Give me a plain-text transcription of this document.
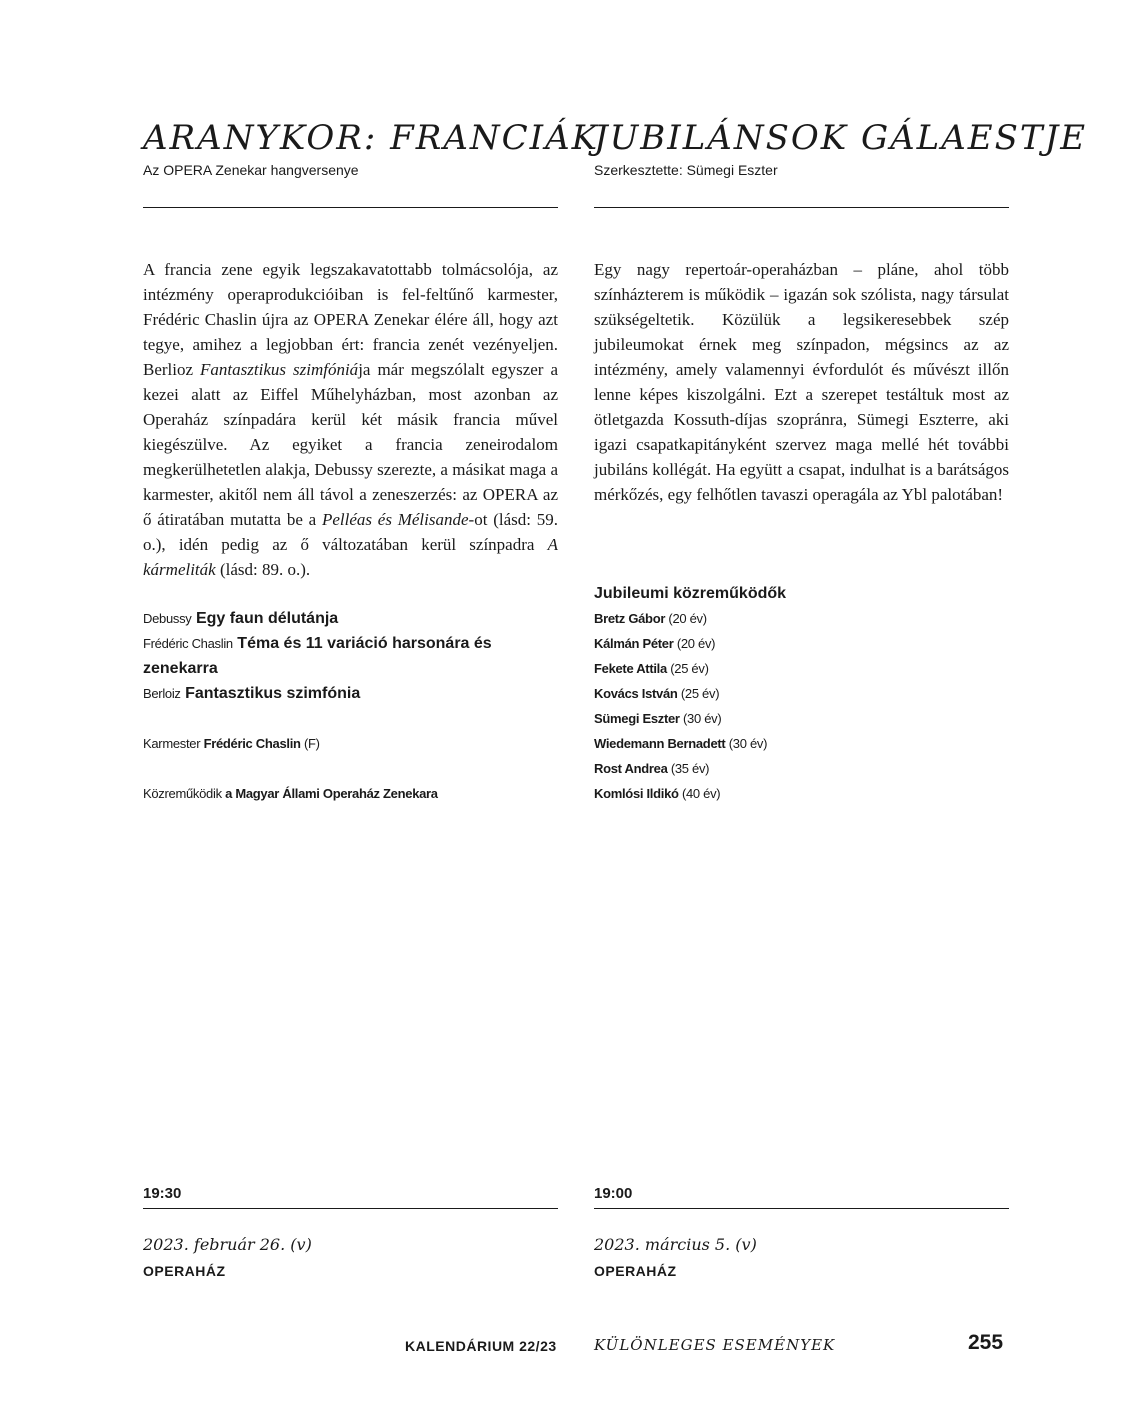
ARANYKOR: FRANCIÁK
Az OPERA Zenekar hangversenye

A francia zene egyik legszakavatottabb tolmácsolója, az intézmény operaprodukcióiban is fel-feltűnő karmester, Frédéric Chaslin újra az OPERA Zenekar élére áll, hogy azt tegye, amihez a legjobban ért: francia zenét vezényeljen. Berlioz Fantasztikus szimfóniája már megszólalt egyszer a kezei alatt az Eiffel Műhelyházban, most azonban az Operaház színpadára kerül két másik francia művel kiegészülve. Az egyiket a francia zeneirodalom megkerülhetetlen alakja, Debussy szerezte, a másikat maga a karmester, akitől nem áll távol a zeneszerzés: az OPERA az ő átiratában mutatta be a Pelléas és Mélisande-ot (lásd: 59. o.), idén pedig az ő változatában kerül színpadra A kármeliták (lásd: 89. o.).

Debussy Egy faun délutánja
Frédéric Chaslin Téma és 11 variáció harsonára és zenekarra
Berloiz Fantasztikus szimfónia
Karmester Frédéric Chaslin (F)
Közreműködik a Magyar Állami Operaház Zenekara
19:30
2023. február 26. (v)
OPERAHÁZ
JUBILÁNSOK GÁLAESTJE
Szerkesztette: Sümegi Eszter

Egy nagy repertoár-operaházban – pláne, ahol több színházterem is működik – igazán sok szólista, nagy társulat szükségeltetik. Közülük a legsikeresebbek szép jubileumokat érnek meg színpadon, mégsincs az az intézmény, amely valamennyi évfordulót és művészt illőn lenne képes kiszolgálni. Ezt a szerepet testáltuk most az ötletgazda Kossuth-díjas szopránra, Sümegi Eszterre, aki igazi csapatkapitányként szervez maga mellé hét további jubiláns kollégát. Ha együtt a csapat, indulhat is a barátságos mérkőzés, egy felhőtlen tavaszi operagála az Ybl palotában!

Jubileumi közreműködők
Bretz Gábor (20 év)
Kálmán Péter (20 év)
Fekete Attila (25 év)
Kovács István (25 év)
Sümegi Eszter (30 év)
Wiedemann Bernadett (30 év)
Rost Andrea (35 év)
Komlósi Ildikó (40 év)
19:00
2023. március 5. (v)
OPERAHÁZ
KALENDÁRIUM 22/23 KÜLÖNLEGES ESEMÉNYEK	255
